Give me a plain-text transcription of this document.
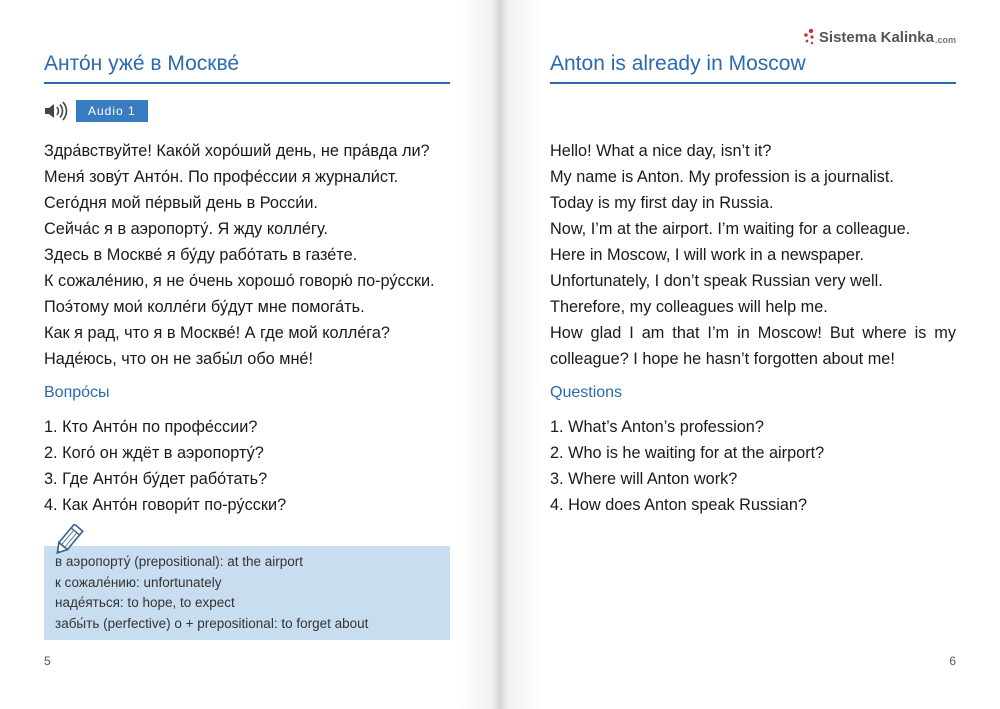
Анто́н уже́ в Москве́
Audio 1
Здра́вствуйте! Како́й хоро́ший день, не пра́вда ли?
Меня́ зову́т Анто́н. По профе́ссии я журнали́ст.
Сего́дня мой пе́рвый день в Росси́и.
Сейча́с я в аэропорту́. Я жду колле́гу.
Здесь в Москве́ я бу́ду рабо́тать в газе́те.
К сожале́нию, я не о́чень хорошо́ говорю́ по-ру́сски.
Поэ́тому мои́ колле́ги бу́дут мне помога́ть.
Как я рад, что я в Москве́! А где мой колле́га?
Наде́юсь, что он не забы́л обо мне́!
Вопро́сы
1. Кто Анто́н по профе́ссии?
2. Кого́ он ждёт в аэропорту́?
3. Где Анто́н бу́дет рабо́тать?
4. Как Анто́н говори́т по-ру́сски?
в аэропорту́ (prepositional): at the airport
к сожале́нию: unfortunately
наде́яться: to hope, to expect
забы́ть (perfective) о + prepositional: to forget about
5
Sistema Kalinka .com
Anton is already in Moscow
Hello! What a nice day, isn’t it?
My name is Anton. My profession is a journalist.
Today is my first day in Russia.
Now, I’m at the airport. I’m waiting for a colleague.
Here in Moscow, I will work in a newspaper.
Unfortunately, I don’t speak Russian very well.
Therefore, my colleagues will help me.
How glad I am that I’m in Moscow! But where is my colleague? I hope he hasn’t forgotten about me!
Questions
1. What’s Anton’s profession?
2. Who is he waiting for at the airport?
3. Where will Anton work?
4. How does Anton speak Russian?
6
